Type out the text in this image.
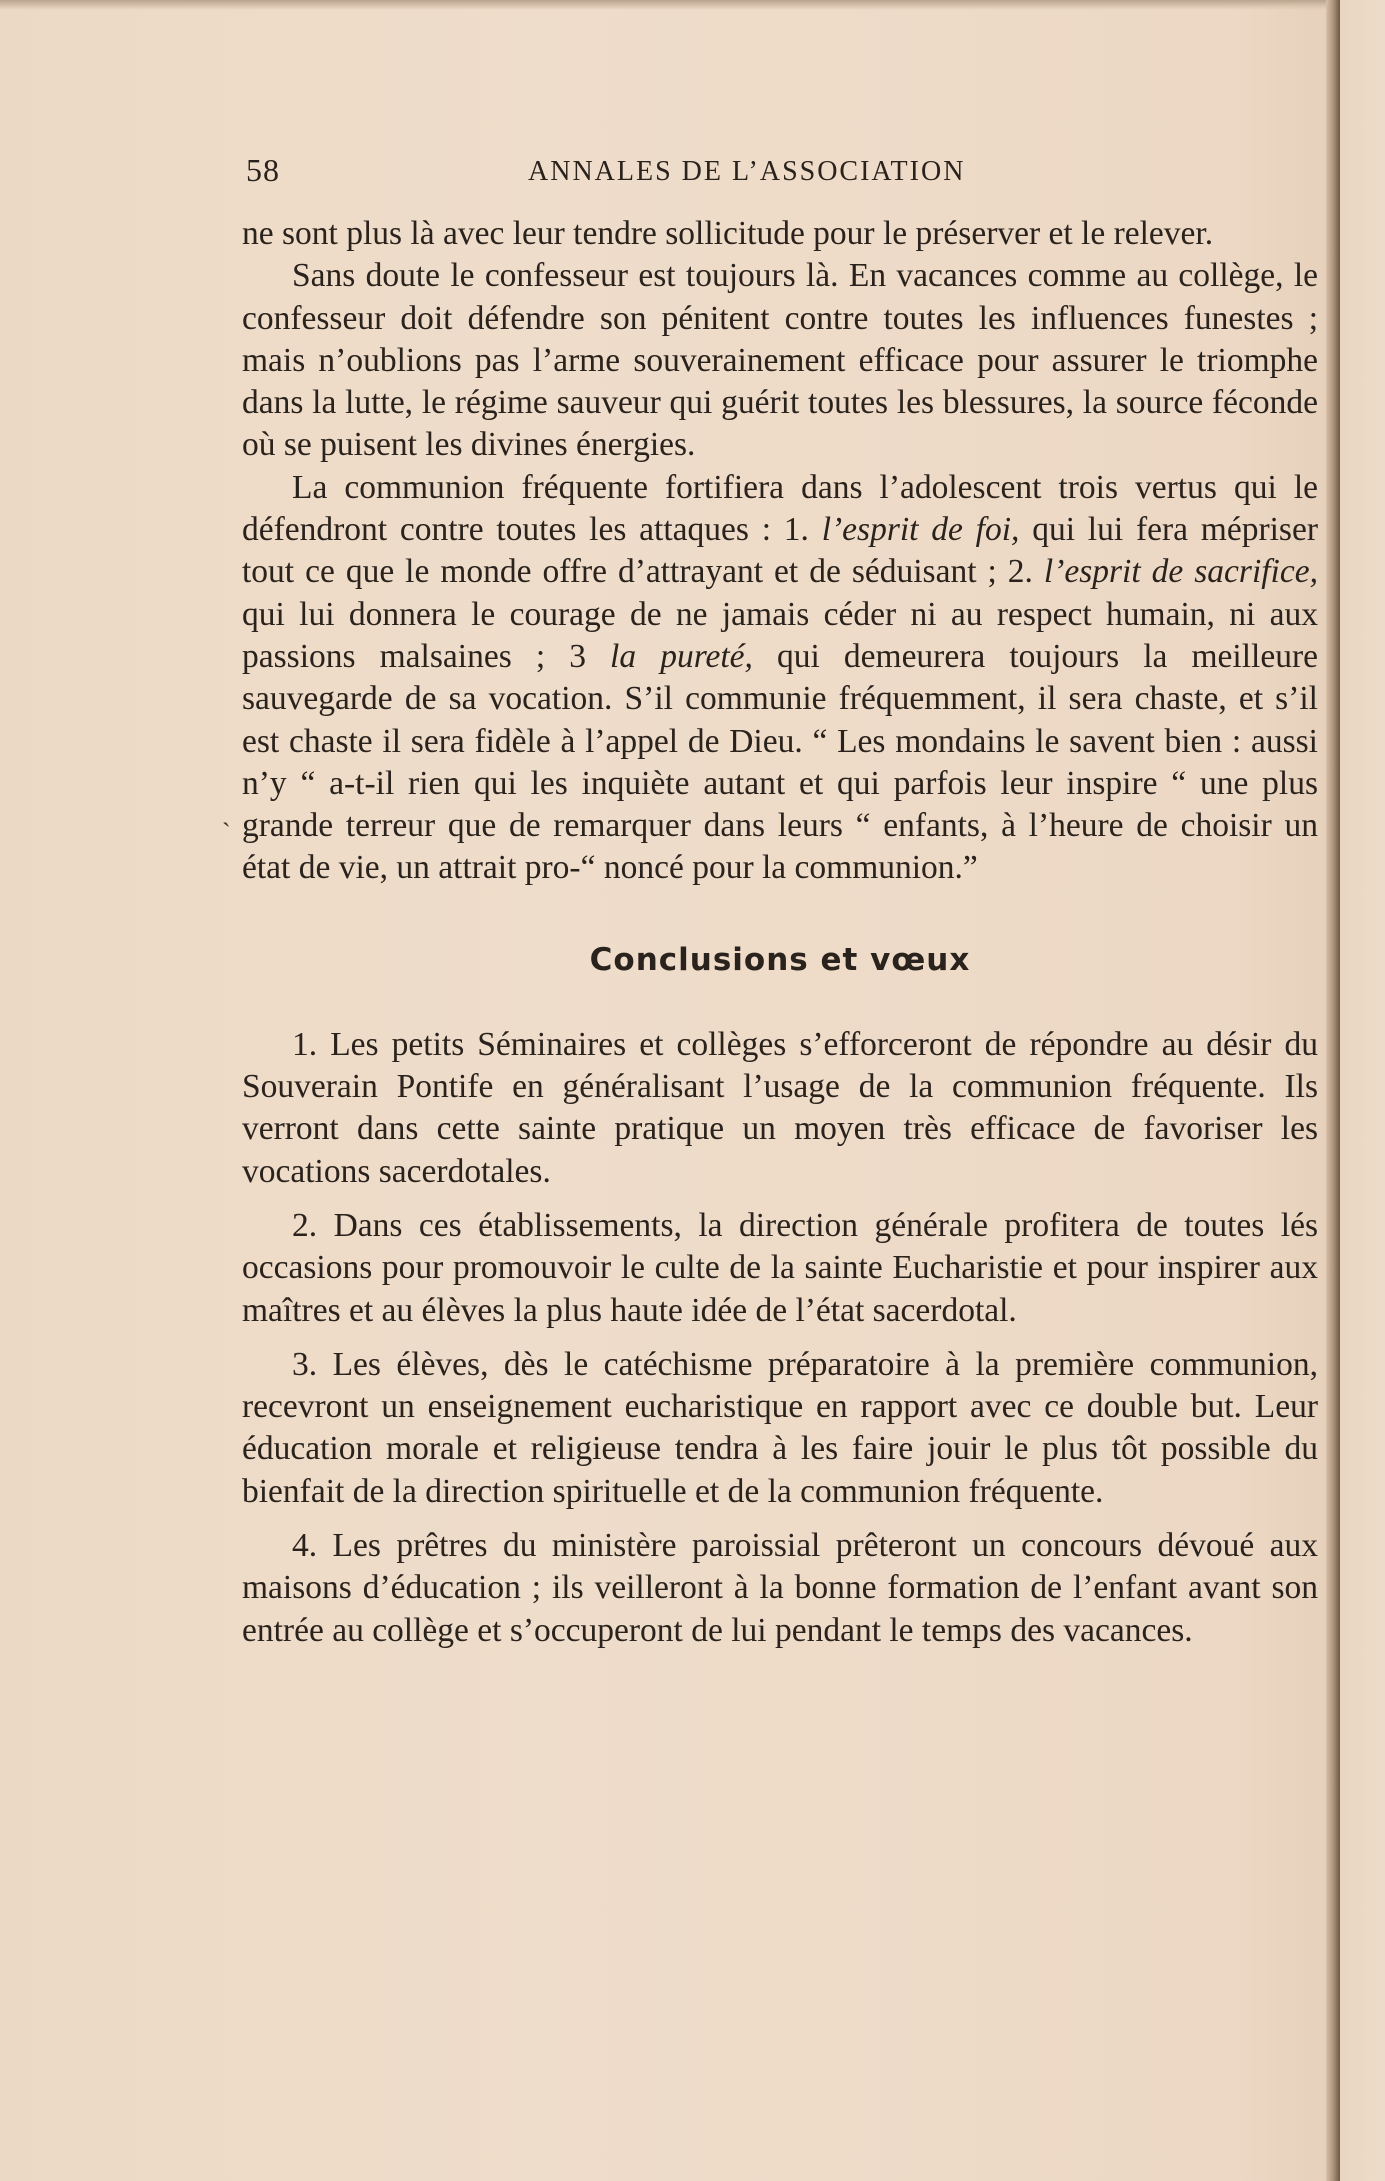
58	ANNALES DE L’ASSOCIATION

ne sont plus là avec leur tendre sollicitude pour le préserver et le relever.

Sans doute le confesseur est toujours là. En vacances comme au collège, le confesseur doit défendre son pénitent contre toutes les influences funestes ; mais n’oublions pas l’arme souverainement efficace pour assurer le triomphe dans la lutte, le régime sauveur qui guérit toutes les blessures, la source féconde où se puisent les divines énergies.

La communion fréquente fortifiera dans l’adolescent trois vertus qui le défendront contre toutes les attaques : 1. l’esprit de foi, qui lui fera mépriser tout ce que le monde offre d’attrayant et de séduisant ; 2. l’esprit de sacrifice, qui lui donnera le courage de ne jamais céder ni au respect humain, ni aux passions malsaines ; 3 la pureté, qui demeurera toujours la meilleure sauvegarde de sa vocation. S’il communie fréquemment, il sera chaste, et s’il est chaste il sera fidèle à l’appel de Dieu. “ Les mondains le savent bien : aussi n’y “ a-t-il rien qui les inquiète autant et qui parfois leur inspire “ une plus grande terreur que de remarquer dans leurs “ enfants, à l’heure de choisir un état de vie, un attrait pro-“ noncé pour la communion.”

Conclusions et vœux

1. Les petits Séminaires et collèges s’efforceront de répondre au désir du Souverain Pontife en généralisant l’usage de la communion fréquente. Ils verront dans cette sainte pratique un moyen très efficace de favoriser les vocations sacerdotales.

2. Dans ces établissements, la direction générale profitera de toutes lés occasions pour promouvoir le culte de la sainte Eucharistie et pour inspirer aux maîtres et au élèves la plus haute idée de l’état sacerdotal.

3. Les élèves, dès le catéchisme préparatoire à la première communion, recevront un enseignement eucharistique en rapport avec ce double but. Leur éducation morale et religieuse tendra à les faire jouir le plus tôt possible du bienfait de la direction spirituelle et de la communion fréquente.

4. Les prêtres du ministère paroissial prêteront un concours dévoué aux maisons d’éducation ; ils veilleront à la bonne formation de l’enfant avant son entrée au collège et s’occuperont de lui pendant le temps des vacances.

ˋ
